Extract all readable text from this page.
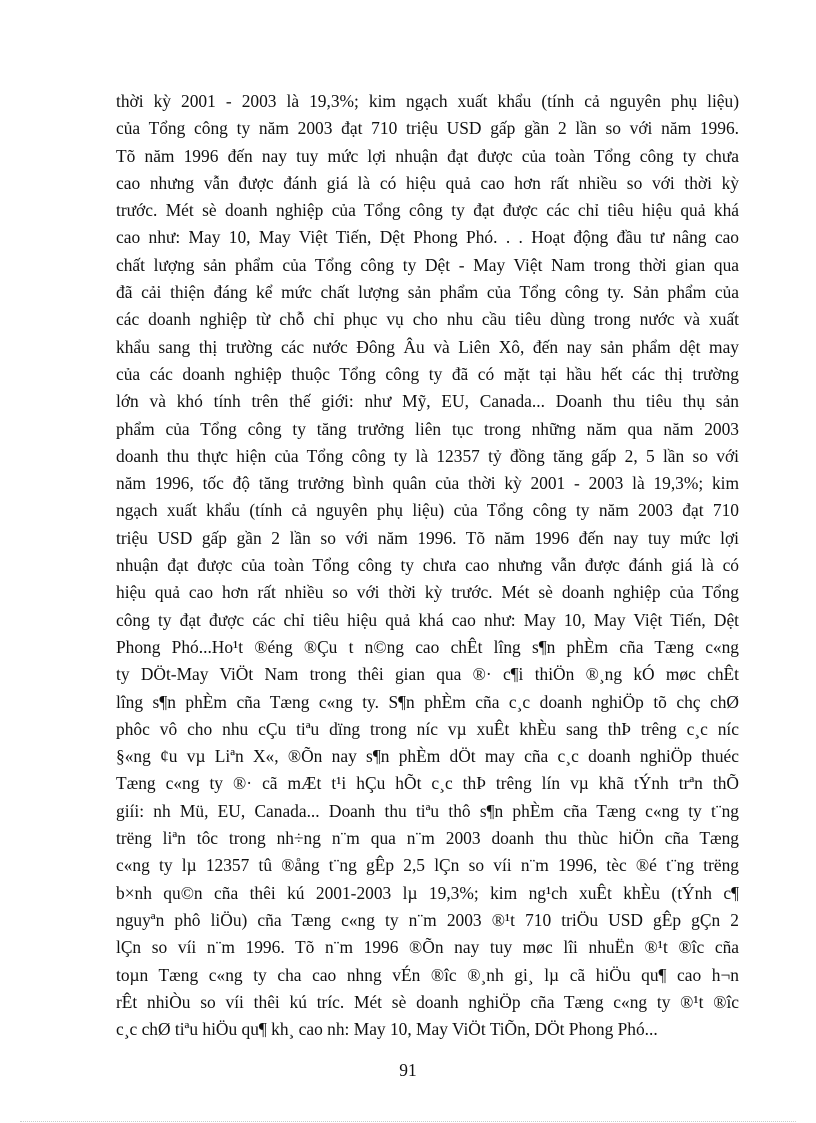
thời kỳ 2001 - 2003 là 19,3%; kim ngạch xuất khẩu (tính cả nguyên phụ liệu)
của Tổng công ty năm 2003 đạt 710 triệu USD gấp gần 2 lần so với năm 1996.
Tõ năm 1996 đến nay tuy mức lợi nhuận đạt được của toàn Tổng công ty chưa
cao nhưng vẫn được đánh giá là có hiệu quả cao hơn rất nhiều so với thời kỳ
trước. Mét sè doanh nghiệp của Tổng công ty đạt được các chỉ tiêu hiệu quả khá
cao như: May 10, May Việt Tiến, Dệt Phong Phó. . . Hoạt động đầu tư nâng cao
chất lượng sản phẩm của Tổng công ty Dệt - May Việt Nam trong thời gian qua
đã cải thiện đáng kể mức chất lượng sản phẩm của Tổng công ty. Sản phẩm của
các doanh nghiệp từ chỗ chỉ phục vụ cho nhu cầu tiêu dùng trong nước và xuất
khẩu sang thị trường các nước Đông Âu và Liên Xô, đến nay sản phẩm dệt may
của các doanh nghiệp thuộc Tổng công ty đã có mặt tại hầu hết các thị trường
lớn và khó tính trên thế giới: như Mỹ, EU, Canada... Doanh thu tiêu thụ sản
phẩm của Tổng công ty tăng trưởng liên tục trong những năm qua năm 2003
doanh thu thực hiện của Tổng công ty là 12357 tỷ đồng tăng gấp 2, 5 lần so với
năm 1996, tốc độ tăng trưởng bình quân của thời kỳ 2001 - 2003 là 19,3%; kim
ngạch xuất khẩu (tính cả nguyên phụ liệu) của Tổng công ty năm 2003 đạt 710
triệu USD gấp gần 2 lần so với năm 1996. Tõ năm 1996 đến nay tuy mức lợi
nhuận đạt được của toàn Tổng công ty chưa cao nhưng vẫn được đánh giá là có
hiệu quả cao hơn rất nhiều so với thời kỳ trước. Mét sè doanh nghiệp của Tổng
công ty đạt được các chỉ tiêu hiệu quả khá cao như: May 10, May Việt Tiến, Dệt
Phong Phó...Ho¹t ®éng ®Çu t n©ng cao chÊt lîng s¶n phÈm cña Tæng c«ng
ty DÖt-May ViÖt Nam trong thêi gian qua ®· c¶i thiÖn ®¸ng kÓ møc chÊt
lîng s¶n phÈm cña Tæng c«ng ty. S¶n phÈm cña c¸c doanh nghiÖp tõ chç chØ
phôc vô cho nhu cÇu tiªu dïng trong níc vµ xuÊt khÈu sang thÞ trêng c¸c níc
§«ng ¢u vµ Liªn X«, ®Õn nay s¶n phÈm dÖt may cña c¸c doanh nghiÖp thuéc
Tæng c«ng ty ®· cã mÆt t¹i hÇu hÕt c¸c thÞ trêng lín vµ khã tÝnh trªn thÕ
giíi: nh Mü, EU, Canada... Doanh thu tiªu thô s¶n phÈm cña Tæng c«ng ty t¨ng
trëng liªn tôc trong nh÷ng n¨m qua n¨m 2003 doanh thu thùc hiÖn cña Tæng
c«ng ty lµ 12357 tû ®ång t¨ng gÊp 2,5 lÇn so víi n¨m 1996, tèc ®é t¨ng trëng
b×nh qu©n cña thêi kú 2001-2003 lµ 19,3%; kim ng¹ch xuÊt khÈu (tÝnh c¶
nguyªn phô liÖu) cña Tæng c«ng ty n¨m 2003 ®¹t 710 triÖu USD gÊp gÇn 2
lÇn so víi n¨m 1996. Tõ n¨m 1996 ®Õn nay tuy møc lîi nhuËn ®¹t ®îc cña
toµn Tæng c«ng ty cha cao nhng vÉn ®îc ®¸nh gi¸ lµ cã hiÖu qu¶ cao h¬n
rÊt nhiÒu so víi thêi kú tríc. Mét sè doanh nghiÖp cña Tæng c«ng ty ®¹t ®îc
c¸c chØ tiªu hiÖu qu¶ kh¸ cao nh: May 10, May ViÖt TiÕn, DÖt Phong Phó...
91
